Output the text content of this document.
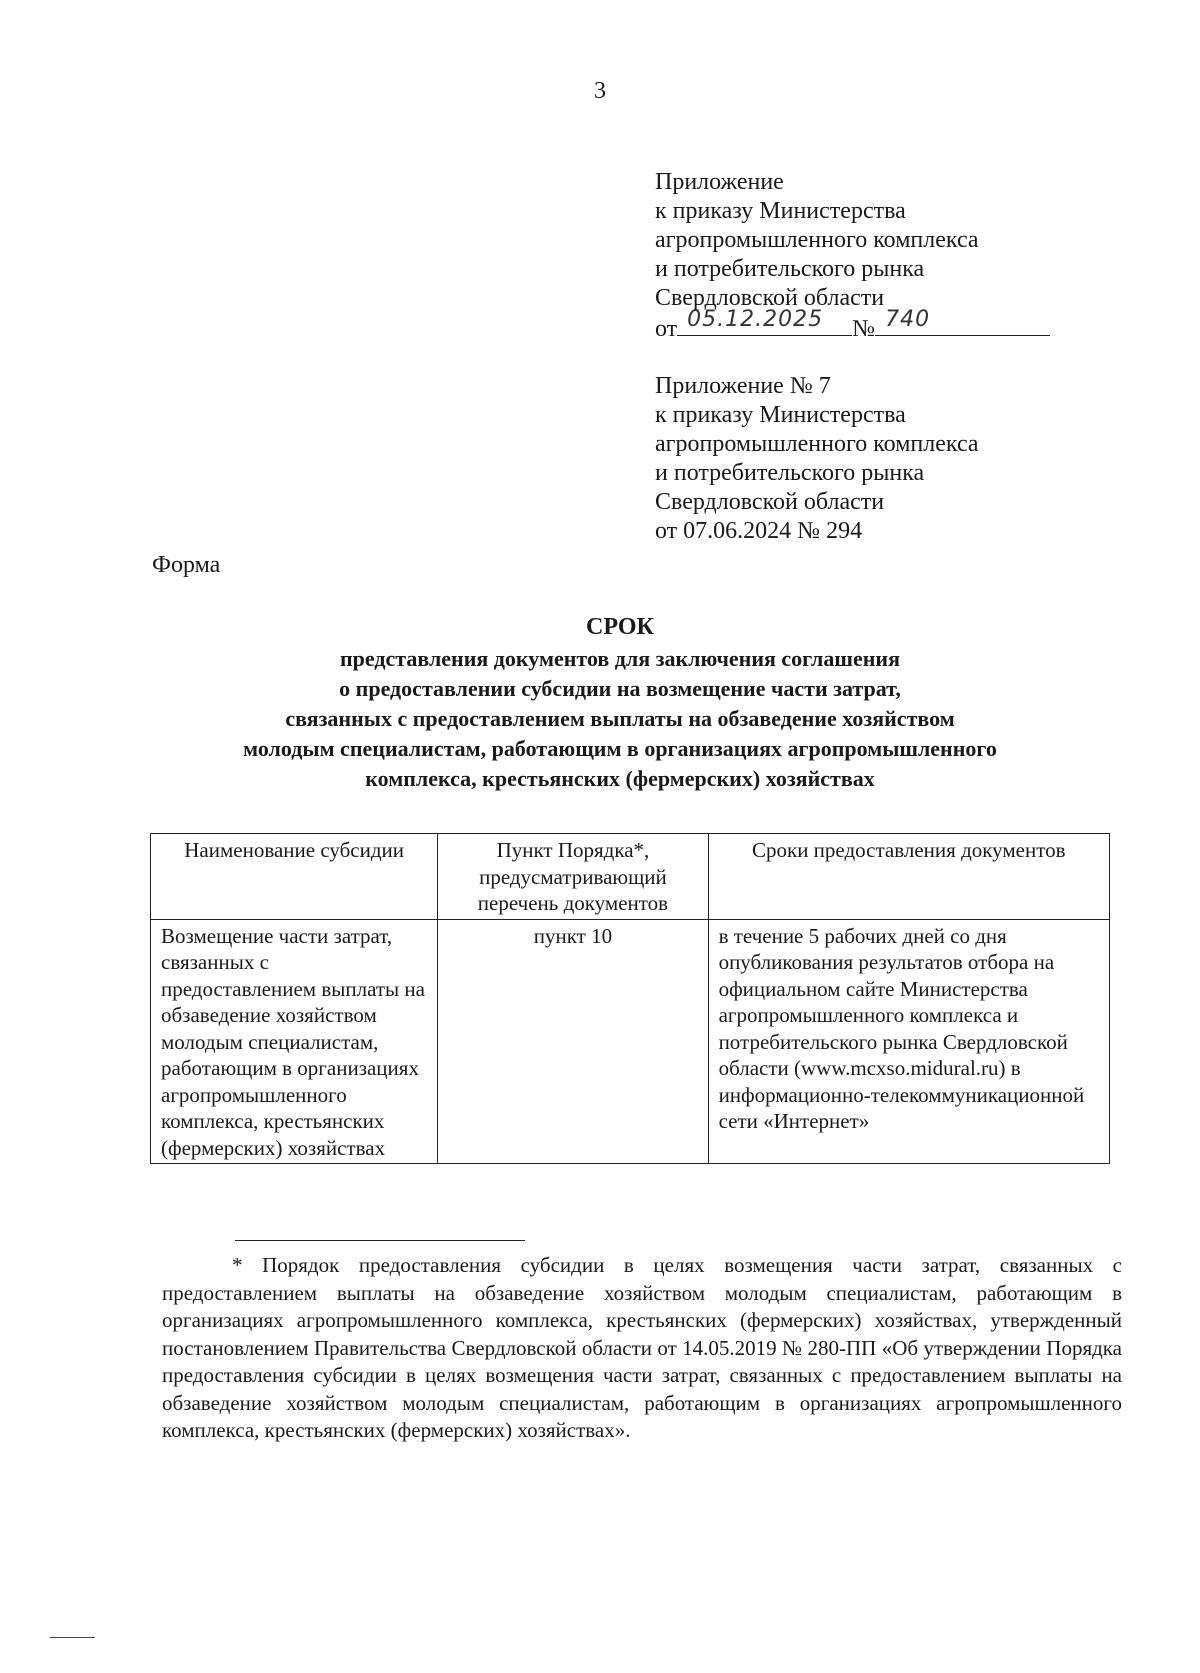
3
Приложение
к приказу Министерства
агропромышленного комплекса
и потребительского рынка
Свердловской области
от 05.12.2025 № 740
Приложение № 7
к приказу Министерства
агропромышленного комплекса
и потребительского рынка
Свердловской области
от 07.06.2024 № 294
Форма
СРОК
представления документов для заключения соглашения
о предоставлении субсидии на возмещение части затрат,
связанных с предоставлением выплаты на обзаведение хозяйством
молодым специалистам, работающим в организациях агропромышленного
комплекса, крестьянских (фермерских) хозяйствах
Наименование субсидии	Пункт Порядка*, предусматривающий перечень документов	Сроки предоставления документов
Возмещение части затрат, связанных с предоставлением выплаты на обзаведение хозяйством молодым специалистам, работающим в организациях агропромышленного комплекса, крестьянских (фермерских) хозяйствах	пункт 10	в течение 5 рабочих дней со дня опубликования результатов отбора на официальном сайте Министерства агропромышленного комплекса и потребительского рынка Свердловской области (www.mcxso.midural.ru) в информационно-телекоммуникационной сети «Интернет»
* Порядок предоставления субсидии в целях возмещения части затрат, связанных с предоставлением выплаты на обзаведение хозяйством молодым специалистам, работающим в организациях агропромышленного комплекса, крестьянских (фермерских) хозяйствах, утвержденный постановлением Правительства Свердловской области от 14.05.2019 № 280-ПП «Об утверждении Порядка предоставления субсидии в целях возмещения части затрат, связанных с предоставлением выплаты на обзаведение хозяйством молодым специалистам, работающим в организациях агропромышленного комплекса, крестьянских (фермерских) хозяйствах».
